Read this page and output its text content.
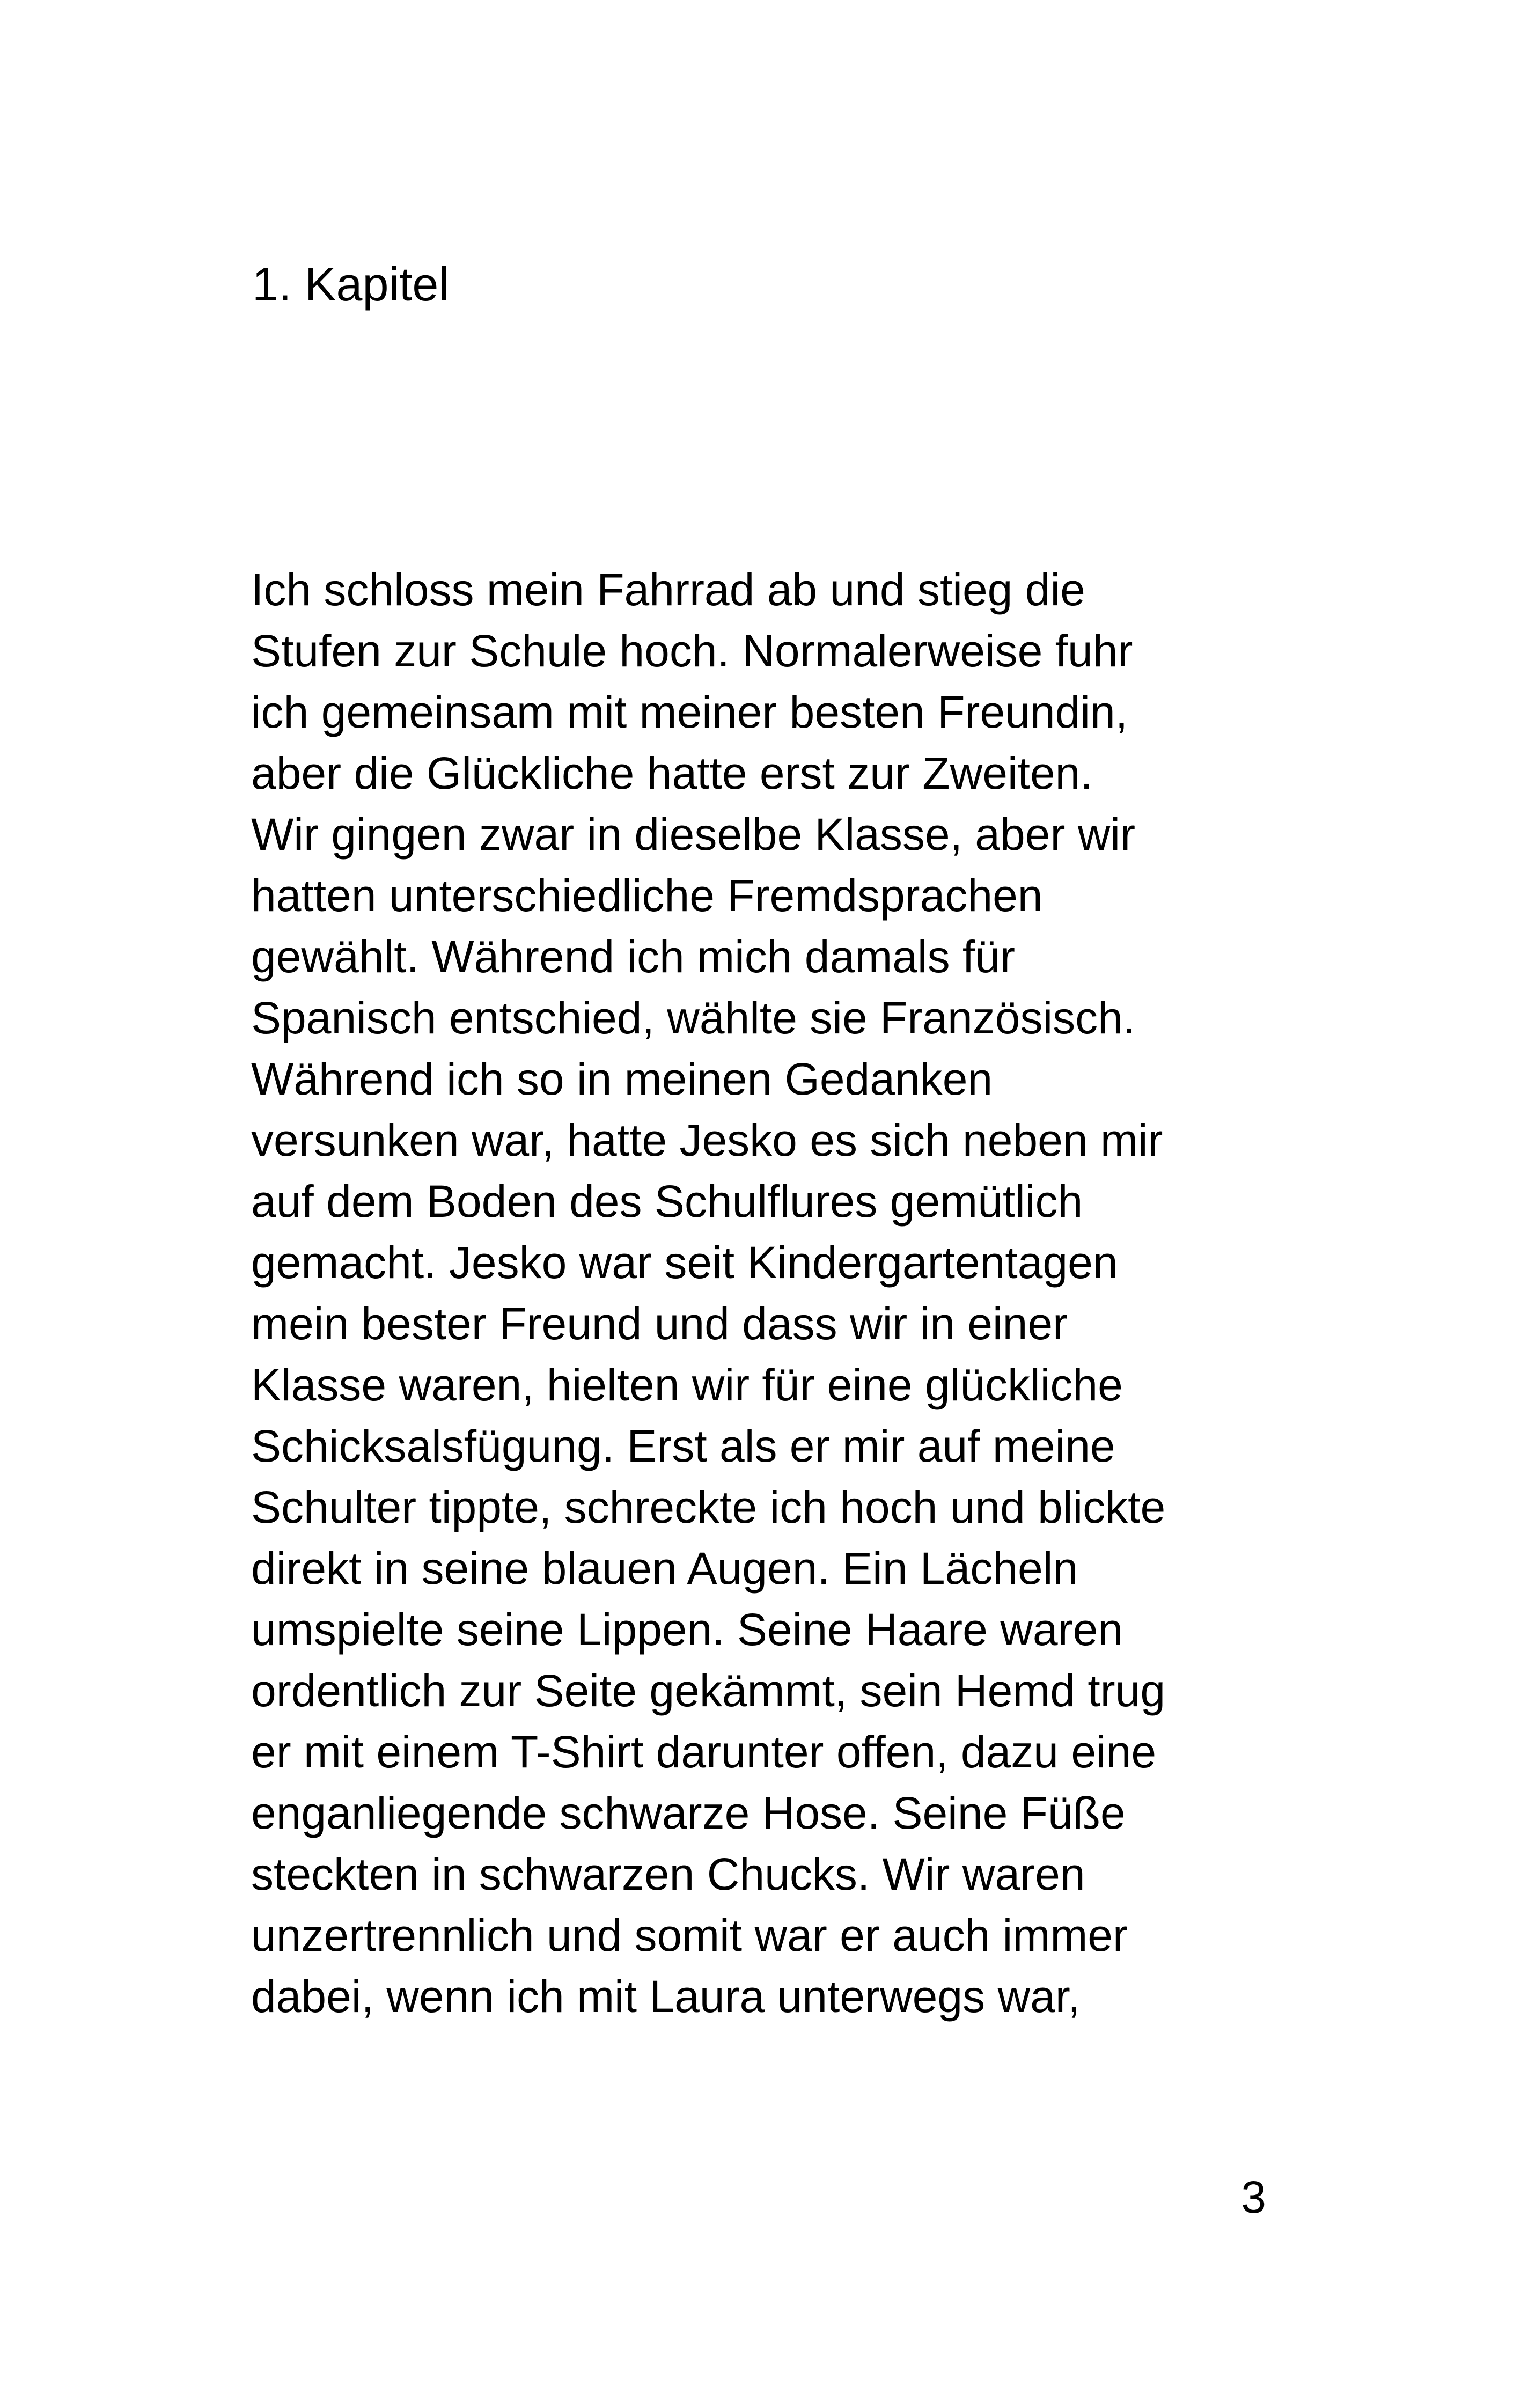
1. Kapitel
Ich schloss mein Fahrrad ab und stieg die
Stufen zur Schule hoch. Normalerweise fuhr
ich gemeinsam mit meiner besten Freundin,
aber die Glückliche hatte erst zur Zweiten.
Wir gingen zwar in dieselbe Klasse, aber wir
hatten unterschiedliche Fremdsprachen
gewählt. Während ich mich damals für
Spanisch entschied, wählte sie Französisch.
Während ich so in meinen Gedanken
versunken war, hatte Jesko es sich neben mir
auf dem Boden des Schulflures gemütlich
gemacht. Jesko war seit Kindergartentagen
mein bester Freund und dass wir in einer
Klasse waren, hielten wir für eine glückliche
Schicksalsfügung. Erst als er mir auf meine
Schulter tippte, schreckte ich hoch und blickte
direkt in seine blauen Augen. Ein Lächeln
umspielte seine Lippen. Seine Haare waren
ordentlich zur Seite gekämmt, sein Hemd trug
er mit einem T-Shirt darunter offen, dazu eine
enganliegende schwarze Hose. Seine Füße
steckten in schwarzen Chucks. Wir waren
unzertrennlich und somit war er auch immer
dabei, wenn ich mit Laura unterwegs war,
3
